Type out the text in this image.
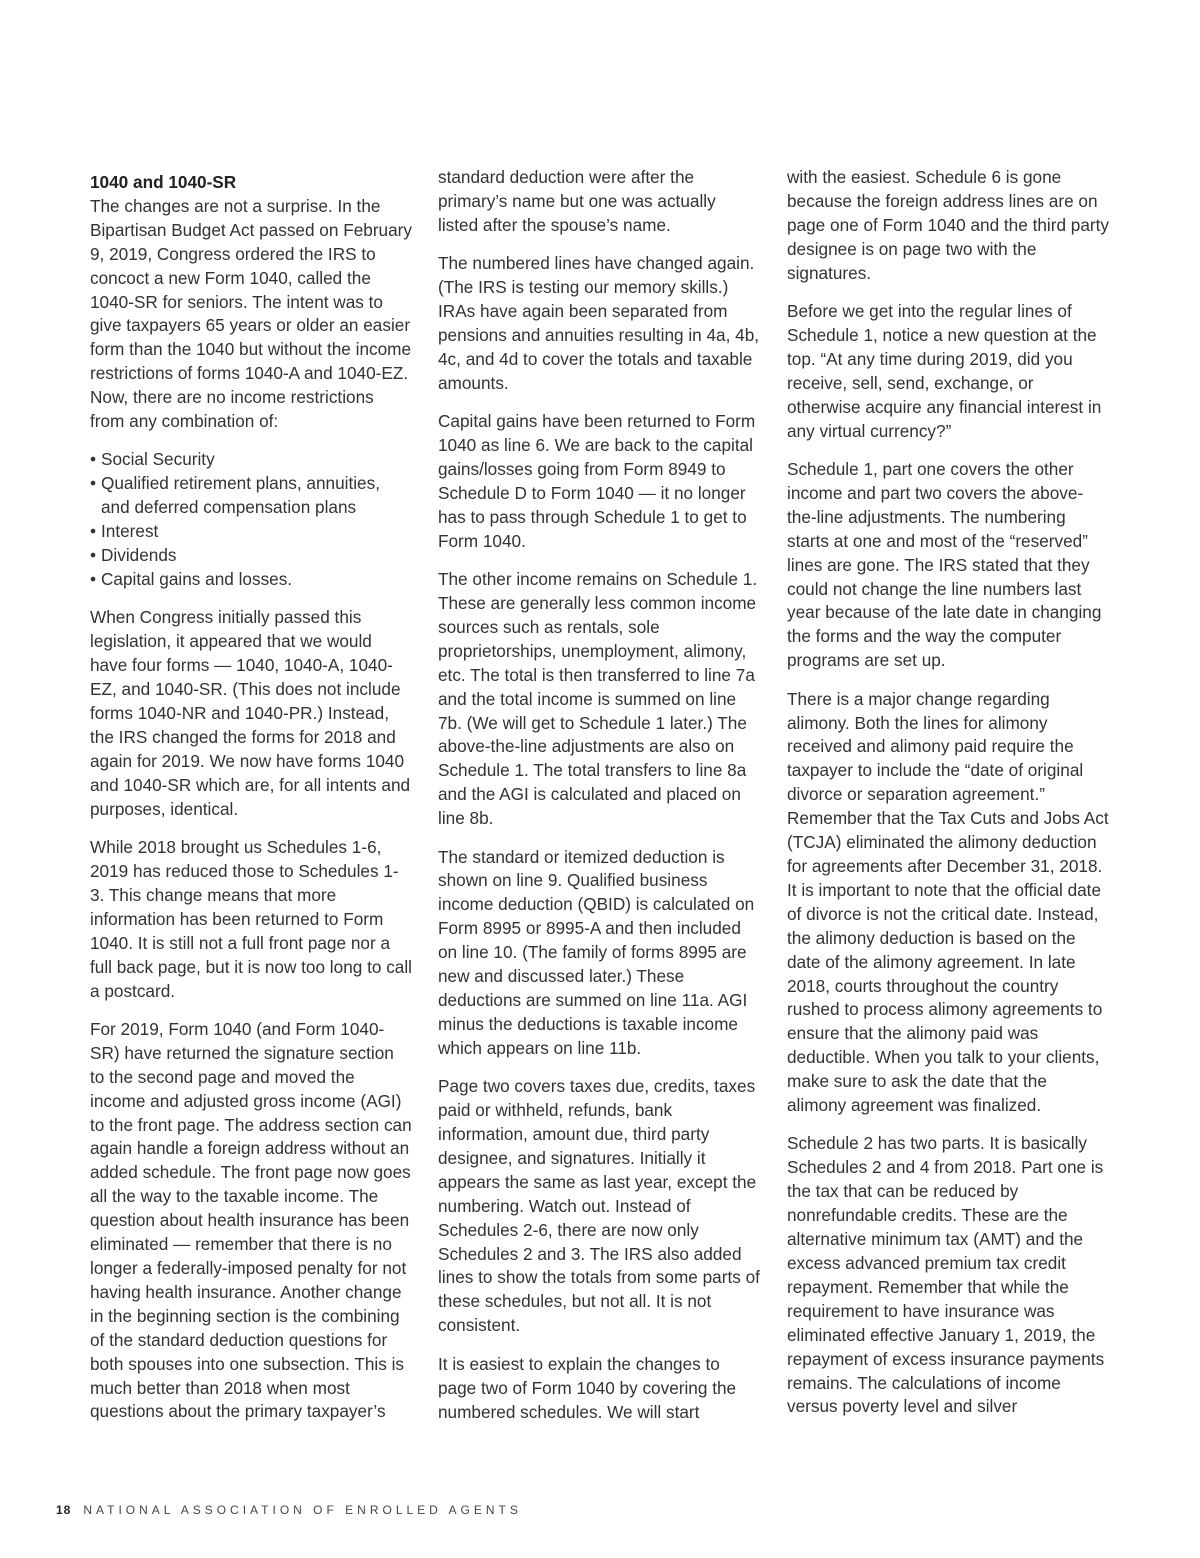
1040 and 1040-SR

The changes are not a surprise. In the Bipartisan Budget Act passed on February 9, 2019, Congress ordered the IRS to concoct a new Form 1040, called the 1040-SR for seniors. The intent was to give taxpayers 65 years or older an easier form than the 1040 but without the income restrictions of forms 1040-A and 1040-EZ. Now, there are no income restrictions from any combination of:

• Social Security
• Qualified retirement plans, annuities, and deferred compensation plans
• Interest
• Dividends
• Capital gains and losses.

When Congress initially passed this legislation, it appeared that we would have four forms — 1040, 1040-A, 1040-EZ, and 1040-SR. (This does not include forms 1040-NR and 1040-PR.) Instead, the IRS changed the forms for 2018 and again for 2019. We now have forms 1040 and 1040-SR which are, for all intents and purposes, identical.

While 2018 brought us Schedules 1-6, 2019 has reduced those to Schedules 1-3. This change means that more information has been returned to Form 1040. It is still not a full front page nor a full back page, but it is now too long to call a postcard.

For 2019, Form 1040 (and Form 1040-SR) have returned the signature section to the second page and moved the income and adjusted gross income (AGI) to the front page. The address section can again handle a foreign address without an added schedule. The front page now goes all the way to the taxable income. The question about health insurance has been eliminated — remember that there is no longer a federally-imposed penalty for not having health insurance. Another change in the beginning section is the combining of the standard deduction questions for both spouses into one subsection. This is much better than 2018 when most questions about the primary taxpayer’s

standard deduction were after the primary’s name but one was actually listed after the spouse’s name.

The numbered lines have changed again. (The IRS is testing our memory skills.) IRAs have again been separated from pensions and annuities resulting in 4a, 4b, 4c, and 4d to cover the totals and taxable amounts.

Capital gains have been returned to Form 1040 as line 6. We are back to the capital gains/losses going from Form 8949 to Schedule D to Form 1040 — it no longer has to pass through Schedule 1 to get to Form 1040.

The other income remains on Schedule 1. These are generally less common income sources such as rentals, sole proprietorships, unemployment, alimony, etc. The total is then transferred to line 7a and the total income is summed on line 7b. (We will get to Schedule 1 later.) The above-the-line adjustments are also on Schedule 1. The total transfers to line 8a and the AGI is calculated and placed on line 8b.

The standard or itemized deduction is shown on line 9. Qualified business income deduction (QBID) is calculated on Form 8995 or 8995-A and then included on line 10. (The family of forms 8995 are new and discussed later.) These deductions are summed on line 11a. AGI minus the deductions is taxable income which appears on line 11b.

Page two covers taxes due, credits, taxes paid or withheld, refunds, bank information, amount due, third party designee, and signatures. Initially it appears the same as last year, except the numbering. Watch out. Instead of Schedules 2-6, there are now only Schedules 2 and 3. The IRS also added lines to show the totals from some parts of these schedules, but not all. It is not consistent.

It is easiest to explain the changes to page two of Form 1040 by covering the numbered schedules. We will start

with the easiest. Schedule 6 is gone because the foreign address lines are on page one of Form 1040 and the third party designee is on page two with the signatures.

Before we get into the regular lines of Schedule 1, notice a new question at the top. “At any time during 2019, did you receive, sell, send, exchange, or otherwise acquire any financial interest in any virtual currency?”

Schedule 1, part one covers the other income and part two covers the above-the-line adjustments. The numbering starts at one and most of the “reserved” lines are gone. The IRS stated that they could not change the line numbers last year because of the late date in changing the forms and the way the computer programs are set up.

There is a major change regarding alimony. Both the lines for alimony received and alimony paid require the taxpayer to include the “date of original divorce or separation agreement.” Remember that the Tax Cuts and Jobs Act (TCJA) eliminated the alimony deduction for agreements after December 31, 2018. It is important to note that the official date of divorce is not the critical date. Instead, the alimony deduction is based on the date of the alimony agreement. In late 2018, courts throughout the country rushed to process alimony agreements to ensure that the alimony paid was deductible. When you talk to your clients, make sure to ask the date that the alimony agreement was finalized.

Schedule 2 has two parts. It is basically Schedules 2 and 4 from 2018. Part one is the tax that can be reduced by nonrefundable credits. These are the alternative minimum tax (AMT) and the excess advanced premium tax credit repayment. Remember that while the requirement to have insurance was eliminated effective January 1, 2019, the repayment of excess insurance payments remains. The calculations of income versus poverty level and silver

18 NATIONAL ASSOCIATION OF ENROLLED AGENTS
